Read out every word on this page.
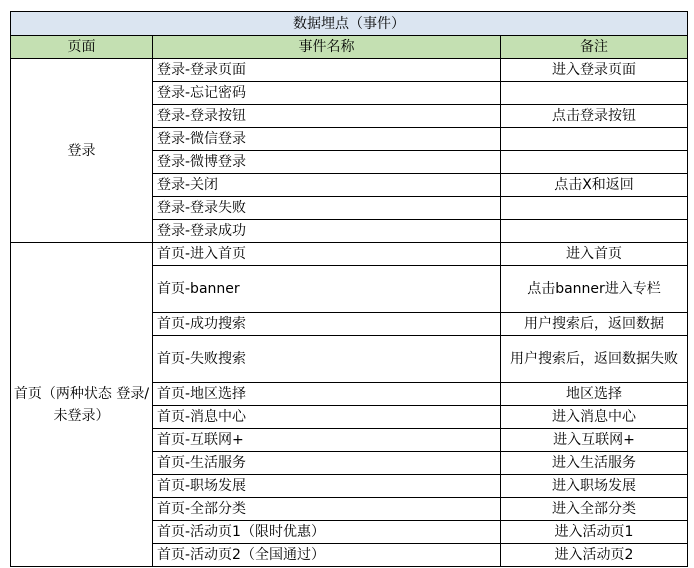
数据埋点（事件）		
页面	事件名称	备注
登录	登录-登录页面	进入登录页面
	登录-忘记密码	
	登录-登录按钮	点击登录按钮
	登录-微信登录	
	登录-微博登录	
	登录-关闭	点击X和返回
	登录-登录失败	
	登录-登录成功	
首页（两种状态 登录/未登录）	首页-进入首页	进入首页
	首页-banner	点击banner进入专栏
	首页-成功搜索	用户搜索后，返回数据
	首页-失败搜索	用户搜索后，返回数据失败
	首页-地区选择	地区选择
	首页-消息中心	进入消息中心
	首页-互联网+	进入互联网+
	首页-生活服务	进入生活服务
	首页-职场发展	进入职场发展
	首页-全部分类	进入全部分类
	首页-活动页1（限时优惠）	进入活动页1
	首页-活动页2（全国通过）	进入活动页2
